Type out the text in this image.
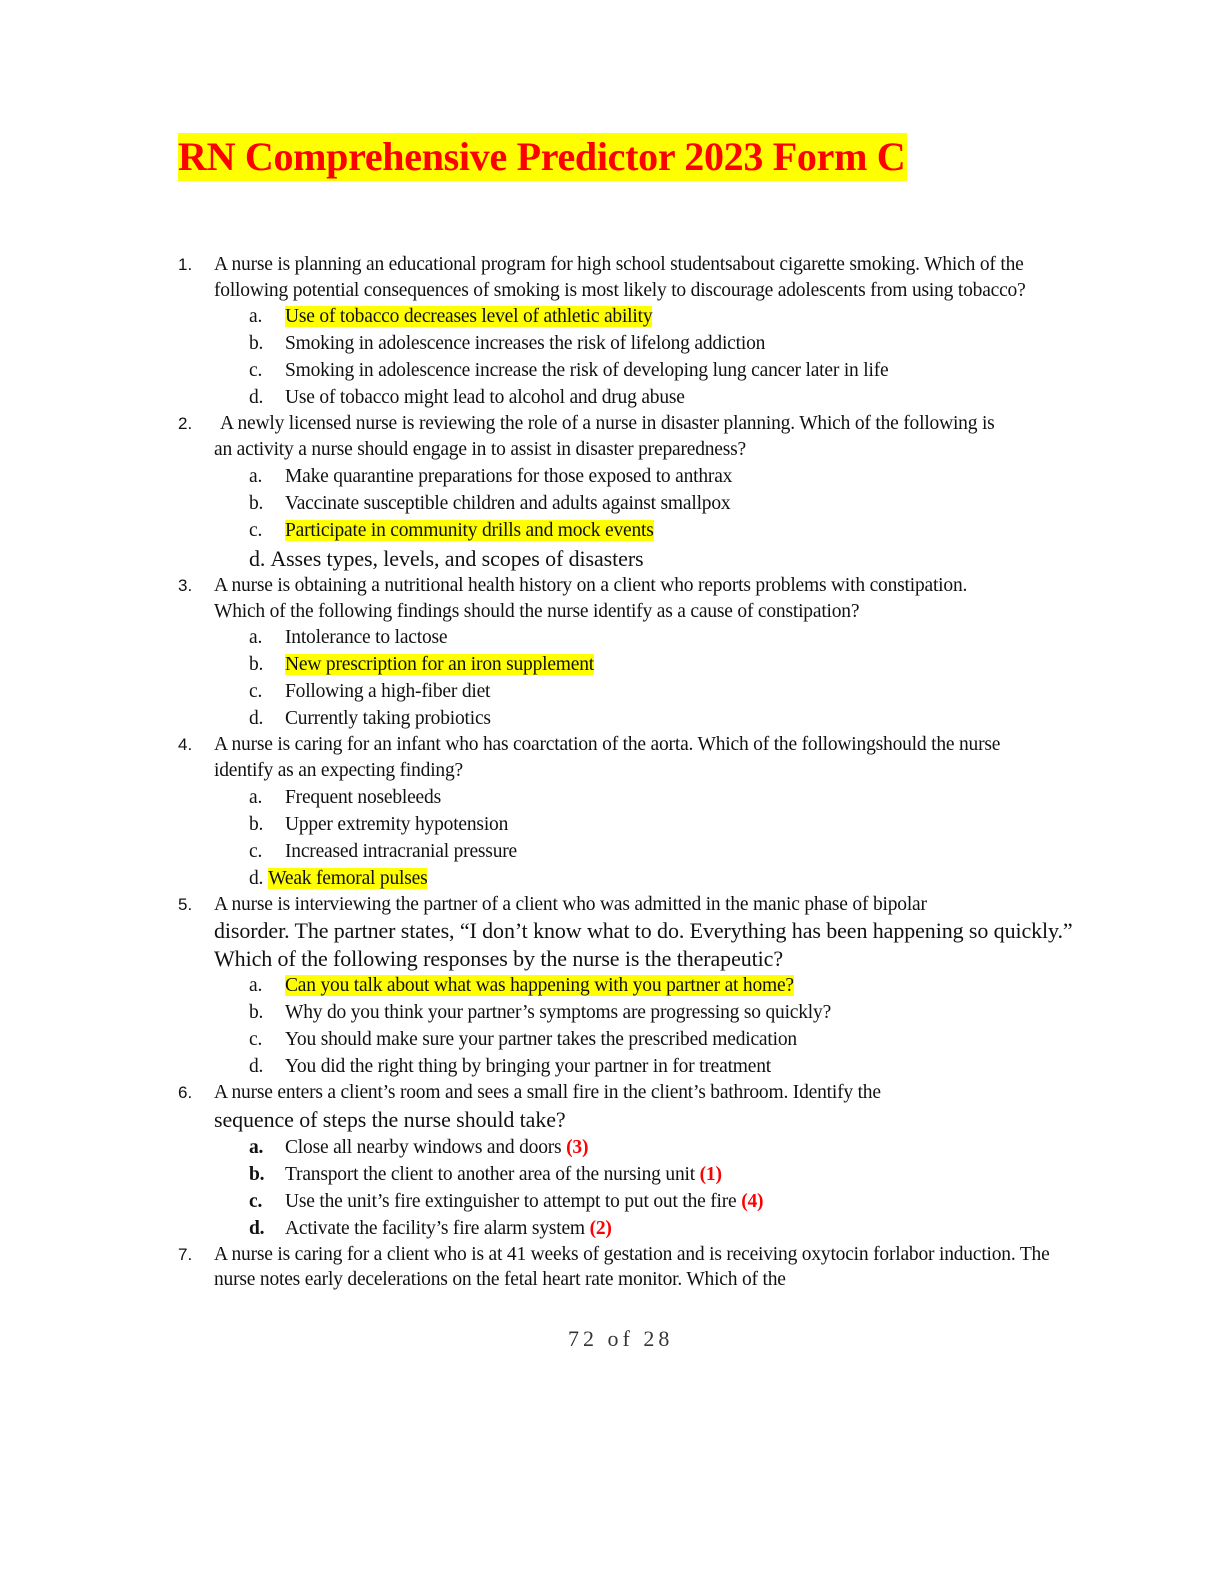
RN Comprehensive Predictor 2023 Form C
1.	A nurse is planning an educational program for high school studentsabout cigarette smoking. Which of the following potential consequences of smoking is most likely to discourage adolescents from using tobacco?
a. Use of tobacco decreases level of athletic ability
b. Smoking in adolescence increases the risk of lifelong addiction
c. Smoking in adolescence increase the risk of developing lung cancer later in life
d. Use of tobacco might lead to alcohol and drug abuse
2.	A newly licensed nurse is reviewing the role of a nurse in disaster planning. Which of the following is an activity a nurse should engage in to assist in disaster preparedness?
a. Make quarantine preparations for those exposed to anthrax
b. Vaccinate susceptible children and adults against smallpox
c. Participate in community drills and mock events
d. Asses types, levels, and scopes of disasters
3.	A nurse is obtaining a nutritional health history on a client who reports problems with constipation. Which of the following findings should the nurse identify as a cause of constipation?
a. Intolerance to lactose
b. New prescription for an iron supplement
c. Following a high-fiber diet
d. Currently taking probiotics
4.	A nurse is caring for an infant who has coarctation of the aorta. Which of the followingshould the nurse identify as an expecting finding?
a. Frequent nosebleeds
b. Upper extremity hypotension
c. Increased intracranial pressure
d. Weak femoral pulses
5.	A nurse is interviewing the partner of a client who was admitted in the manic phase of bipolar
disorder. The partner states, “I don’t know what to do. Everything has been happening so quickly.” Which of the following responses by the nurse is the therapeutic?
a. Can you talk about what was happening with you partner at home?
b. Why do you think your partner’s symptoms are progressing so quickly?
c. You should make sure your partner takes the prescribed medication
d. You did the right thing by bringing your partner in for treatment
6.	A nurse enters a client’s room and sees a small fire in the client’s bathroom. Identify the
sequence of steps the nurse should take?
a. Close all nearby windows and doors (3)
b. Transport the client to another area of the nursing unit (1)
c. Use the unit’s fire extinguisher to attempt to put out the fire (4)
d. Activate the facility’s fire alarm system (2)
7.	A nurse is caring for a client who is at 41 weeks of gestation and is receiving oxytocin forlabor induction. The nurse notes early decelerations on the fetal heart rate monitor. Which of the
72 of 28
